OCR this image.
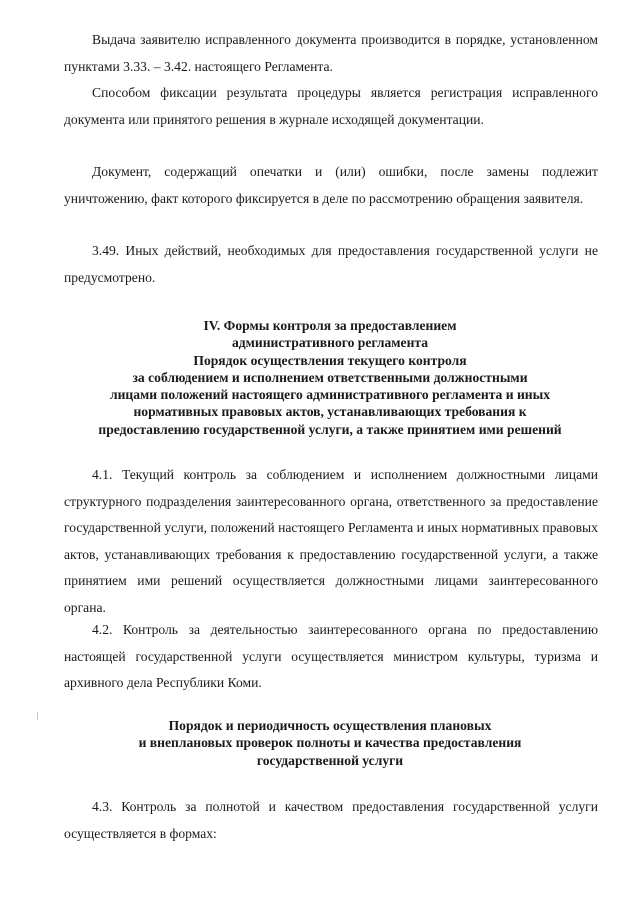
Выдача заявителю исправленного документа производится в порядке, установленном пунктами 3.33. – 3.42. настоящего Регламента.

Способом фиксации результата процедуры является регистрация исправленного документа или принятого решения в журнале исходящей документации.

Документ, содержащий опечатки и (или) ошибки, после замены подлежит уничтожению, факт которого фиксируется в деле по рассмотрению обращения заявителя.

3.49. Иных действий, необходимых для предоставления государственной услуги не предусмотрено.

IV. Формы контроля за предоставлением
административного регламента
Порядок осуществления текущего контроля
за соблюдением и исполнением ответственными должностными
лицами положений настоящего административного регламента и иных
нормативных правовых актов, устанавливающих требования к
предоставлению государственной услуги, а также принятием ими решений

4.1. Текущий контроль за соблюдением и исполнением должностными лицами структурного подразделения заинтересованного органа, ответственного за предоставление государственной услуги, положений настоящего Регламента и иных нормативных правовых актов, устанавливающих требования к предоставлению государственной услуги, а также принятием ими решений осуществляется должностными лицами заинтересованного органа.

4.2. Контроль за деятельностью заинтересованного органа по предоставлению настоящей государственной услуги осуществляется министром культуры, туризма и архивного дела Республики Коми.

Порядок и периодичность осуществления плановых
и внеплановых проверок полноты и качества предоставления
государственной услуги

4.3. Контроль за полнотой и качеством предоставления государственной услуги осуществляется в формах:
